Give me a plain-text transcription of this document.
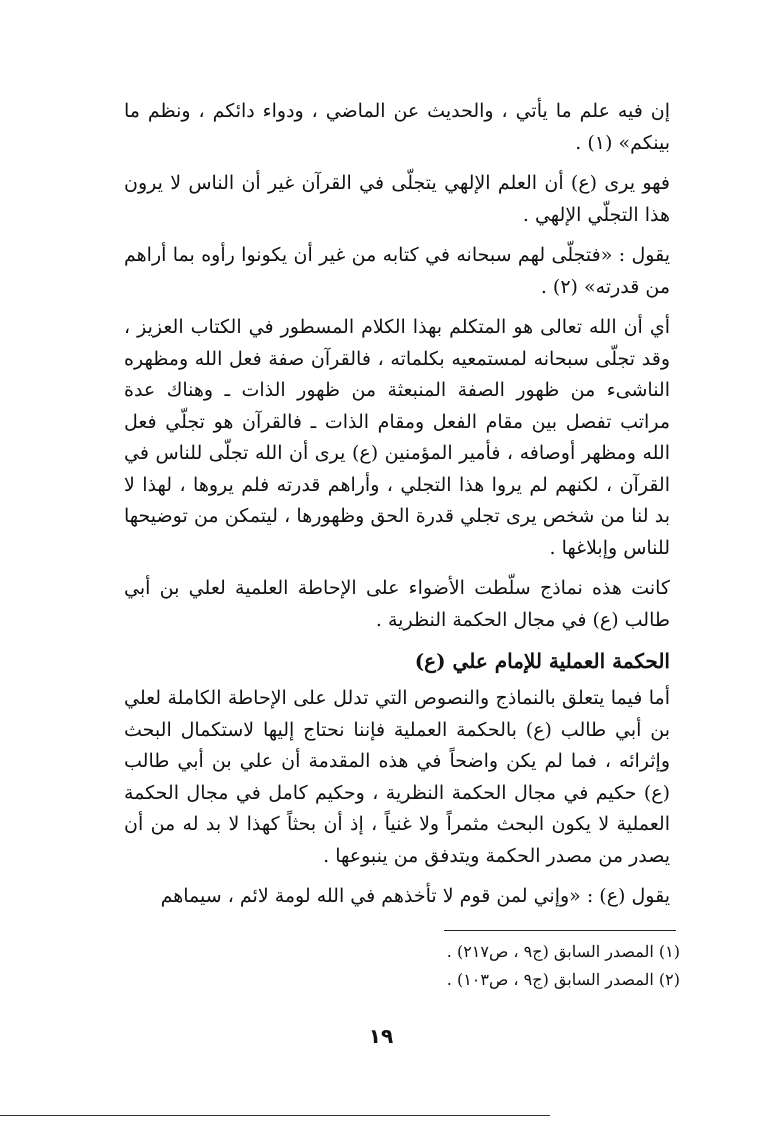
إن فيه علم ما يأتي ، والحديث عن الماضي ، ودواء دائكم ، ونظم ما بينكم» (١) .

فهو يرى (ع) أن العلم الإلهي يتجلّى في القرآن غير أن الناس لا يرون هذا التجلّي الإلهي .

يقول : «فتجلّى لهم سبحانه في كتابه من غير أن يكونوا رأوه بما أراهم من قدرته» (٢) .

أي أن الله تعالى هو المتكلم بهذا الكلام المسطور في الكتاب العزيز ، وقد تجلّى سبحانه لمستمعيه بكلماته ، فالقرآن صفة فعل الله ومظهره الناشىء من ظهور الصفة المنبعثة من ظهور الذات ـ وهناك عدة مراتب تفصل بين مقام الفعل ومقام الذات ـ فالقرآن هو تجلّي فعل الله ومظهر أوصافه ، فأمير المؤمنين (ع) يرى أن الله تجلّى للناس في القرآن ، لكنهم لم يروا هذا التجلي ، وأراهم قدرته فلم يروها ، لهذا لا بد لنا من شخص يرى تجلي قدرة الحق وظهورها ، ليتمكن من توضيحها للناس وإبلاغها .

كانت هذه نماذج سلّطت الأضواء على الإحاطة العلمية لعلي بن أبي طالب (ع) في مجال الحكمة النظرية .

الحكمة العملية للإمام علي (ع)

أما فيما يتعلق بالنماذج والنصوص التي تدلل على الإحاطة الكاملة لعلي بن أبي طالب (ع) بالحكمة العملية فإننا نحتاج إليها لاستكمال البحث وإثرائه ، فما لم يكن واضحاً في هذه المقدمة أن علي بن أبي طالب (ع) حكيم في مجال الحكمة النظرية ، وحكيم كامل في مجال الحكمة العملية لا يكون البحث مثمراً ولا غنياً ، إذ أن بحثاً كهذا لا بد له من أن يصدر من مصدر الحكمة ويتدفق من ينبوعها .

يقول (ع) : «وإني لمن قوم لا تأخذهم في الله لومة لائم ، سيماهم

(١) المصدر السابق (ج٩ ، ص٢١٧) .
(٢) المصدر السابق (ج٩ ، ص١٠٣) .
١٩
